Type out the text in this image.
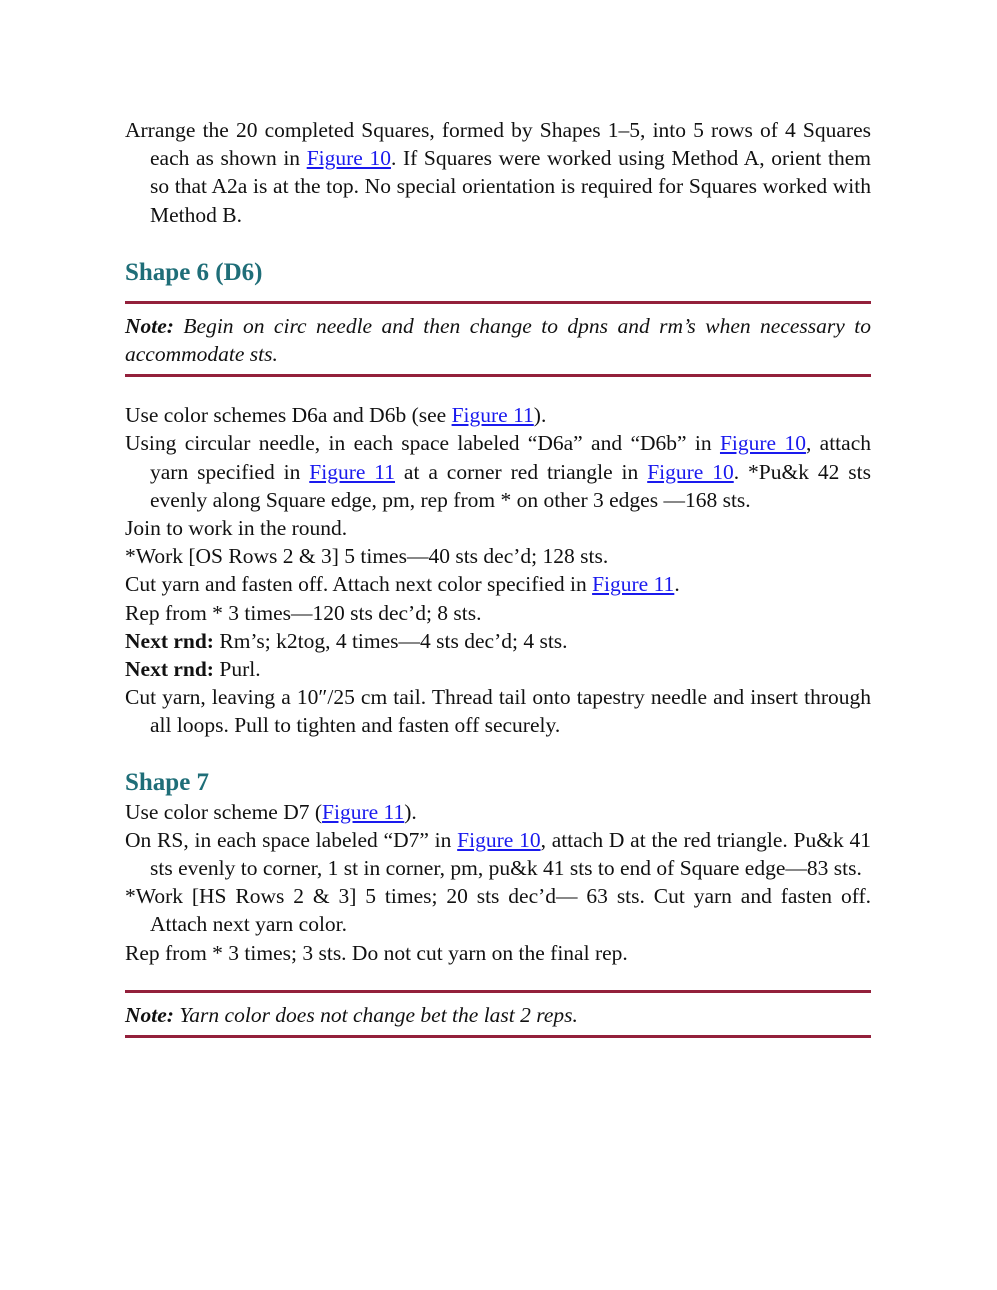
Arrange the 20 completed Squares, formed by Shapes 1–5, into 5 rows of 4 Squares each as shown in Figure 10. If Squares were worked using Method A, orient them so that A2a is at the top. No special orientation is required for Squares worked with Method B.

Shape 6 (D6)

Note: Begin on circ needle and then change to dpns and rm’s when necessary to accommodate sts.

Use color schemes D6a and D6b (see Figure 11).

Using circular needle, in each space labeled “D6a” and “D6b” in Figure 10, attach yarn specified in Figure 11 at a corner red triangle in Figure 10. *Pu&k 42 sts evenly along Square edge, pm, rep from * on other 3 edges —168 sts.

Join to work in the round.

*Work [OS Rows 2 & 3] 5 times—40 sts dec’d; 128 sts.

Cut yarn and fasten off. Attach next color specified in Figure 11.

Rep from * 3 times—120 sts dec’d; 8 sts.

Next rnd: Rm’s; k2tog, 4 times—4 sts dec’d; 4 sts.

Next rnd: Purl.

Cut yarn, leaving a 10″/25 cm tail. Thread tail onto tapestry needle and insert through all loops. Pull to tighten and fasten off securely.

Shape 7

Use color scheme D7 (Figure 11).

On RS, in each space labeled “D7” in Figure 10, attach D at the red triangle. Pu&k 41 sts evenly to corner, 1 st in corner, pm, pu&k 41 sts to end of Square edge—83 sts.

*Work [HS Rows 2 & 3] 5 times; 20 sts dec’d— 63 sts. Cut yarn and fasten off. Attach next yarn color.

Rep from * 3 times; 3 sts. Do not cut yarn on the final rep.

Note: Yarn color does not change bet the last 2 reps.
